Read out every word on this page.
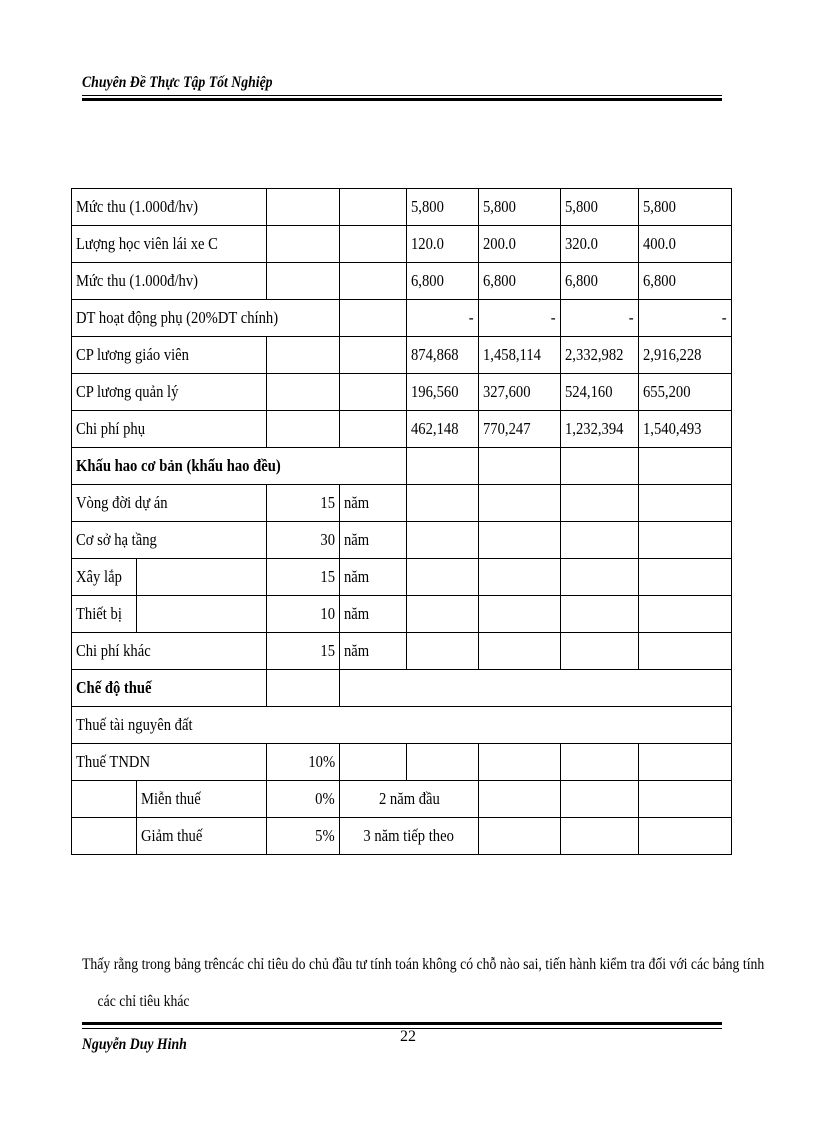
Chuyên Đề Thực Tập Tốt Nghiệp
Mức thu (1.000đ/hv)				5,800	5,800	5,800	5,800
Lượng học viên lái xe C				120.0	200.0	320.0	400.0
Mức thu (1.000đ/hv)				6,800	6,800	6,800	6,800
DT hoạt động phụ (20%DT chính)				-	-	-	-
CP lương giáo viên				874,868	1,458,114	2,332,982	2,916,228
CP lương quản lý				196,560	327,600	524,160	655,200
Chi phí phụ				462,148	770,247	1,232,394	1,540,493
Khấu hao cơ bản (khấu hao đều)							
Vòng đời dự án		15	năm				
Cơ sở hạ tầng		30	năm				
Xây lắp		15	năm				
Thiết bị		10	năm				
Chi phí khác		15	năm				
Chế độ thuế							
Thuế tài nguyên đất							
Thuế TNDN		10%					
	Miễn thuế	0%	2 năm đầu				
	Giảm thuế	5%	3 năm tiếp theo				
Thấy rằng trong bảng trêncác chỉ tiêu do chủ đầu tư tính toán không có chỗ nào sai, tiến hành kiểm tra đối với các bảng tính
các chỉ tiêu khác
22
Nguyễn Duy Hinh
